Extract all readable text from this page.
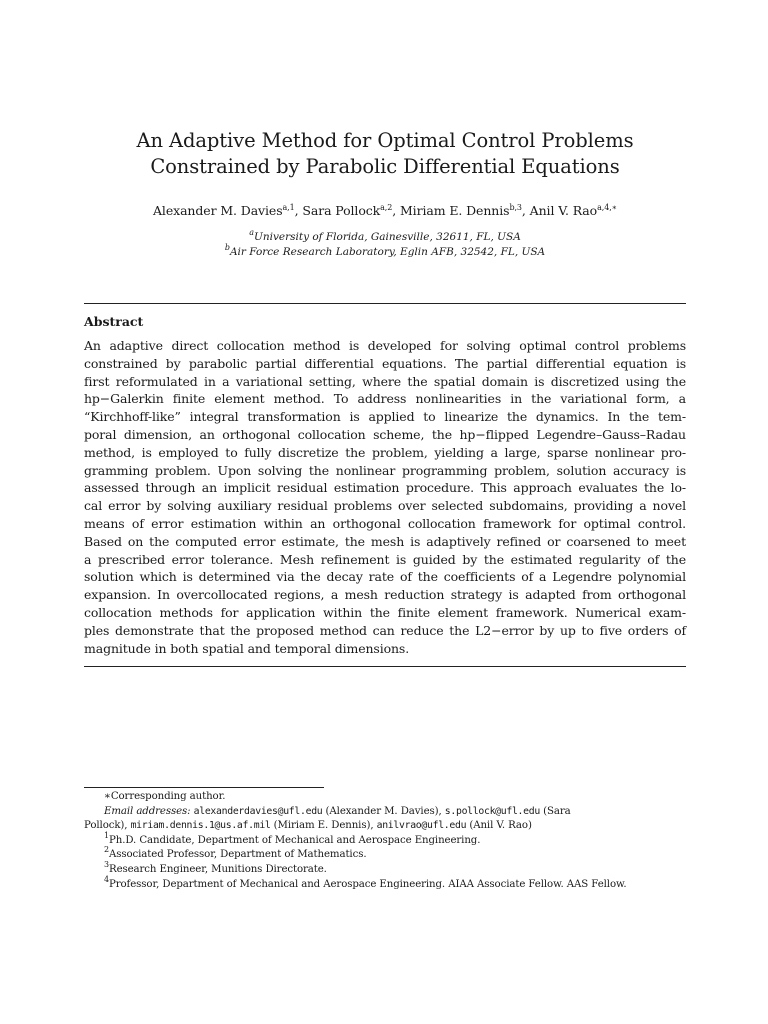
An Adaptive Method for Optimal Control Problems
Constrained by Parabolic Differential Equations
Alexander M. Davies$^{a,1}$, Sara Pollock$^{a,2}$, Miriam E. Dennis$^{b,3}$, Anil V. Rao$^{a,4,∗}$
$^a$University of Florida, Gainesville, 32611, FL, USA
$^b$Air Force Research Laboratory, Eglin AFB, 32542, FL, USA
Abstract
An adaptive direct collocation method is developed for solving optimal control problems
constrained by parabolic partial differential equations. The partial differential equation is
first reformulated in a variational setting, where the spatial domain is discretized using the
hp−Galerkin finite element method. To address nonlinearities in the variational form, a
“Kirchhoff-like” integral transformation is applied to linearize the dynamics. In the tem-
poral dimension, an orthogonal collocation scheme, the hp−flipped Legendre–Gauss–Radau
method, is employed to fully discretize the problem, yielding a large, sparse nonlinear pro-
gramming problem. Upon solving the nonlinear programming problem, solution accuracy is
assessed through an implicit residual estimation procedure. This approach evaluates the lo-
cal error by solving auxiliary residual problems over selected subdomains, providing a novel
means of error estimation within an orthogonal collocation framework for optimal control.
Based on the computed error estimate, the mesh is adaptively refined or coarsened to meet
a prescribed error tolerance. Mesh refinement is guided by the estimated regularity of the
solution which is determined via the decay rate of the coefficients of a Legendre polynomial
expansion. In overcollocated regions, a mesh reduction strategy is adapted from orthogonal
collocation methods for application within the finite element framework. Numerical exam-
ples demonstrate that the proposed method can reduce the L2−error by up to five orders of
magnitude in both spatial and temporal dimensions.
∗Corresponding author.
Email addresses: alexanderdavies@ufl.edu (Alexander M. Davies), s.pollock@ufl.edu (Sara
Pollock), miriam.dennis.1@us.af.mil (Miriam E. Dennis), anilvrao@ufl.edu (Anil V. Rao)
$^1$Ph.D. Candidate, Department of Mechanical and Aerospace Engineering.
$^2$Associated Professor, Department of Mathematics.
$^3$Research Engineer, Munitions Directorate.
$^4$Professor, Department of Mechanical and Aerospace Engineering. AIAA Associate Fellow. AAS Fellow.
